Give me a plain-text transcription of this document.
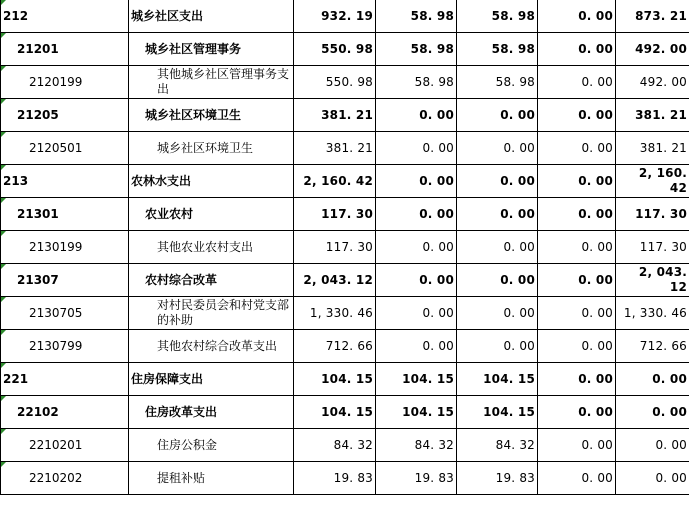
212	城乡社区支出	932. 19	58. 98	58. 98	0. 00	873. 21
21201	城乡社区管理事务	550. 98	58. 98	58. 98	0. 00	492. 00
2120199	其他城乡社区管理事务支出	550. 98	58. 98	58. 98	0. 00	492. 00
21205	城乡社区环境卫生	381. 21	0. 00	0. 00	0. 00	381. 21
2120501	城乡社区环境卫生	381. 21	0. 00	0. 00	0. 00	381. 21
213	农林水支出	2, 160. 42	0. 00	0. 00	0. 00	2, 160. 42
21301	农业农村	117. 30	0. 00	0. 00	0. 00	117. 30
2130199	其他农业农村支出	117. 30	0. 00	0. 00	0. 00	117. 30
21307	农村综合改革	2, 043. 12	0. 00	0. 00	0. 00	2, 043. 12
2130705	对村民委员会和村党支部的补助	1, 330. 46	0. 00	0. 00	0. 00	1, 330. 46
2130799	其他农村综合改革支出	712. 66	0. 00	0. 00	0. 00	712. 66
221	住房保障支出	104. 15	104. 15	104. 15	0. 00	0. 00
22102	住房改革支出	104. 15	104. 15	104. 15	0. 00	0. 00
2210201	住房公积金	84. 32	84. 32	84. 32	0. 00	0. 00
2210202	提租补贴	19. 83	19. 83	19. 83	0. 00	0. 00
